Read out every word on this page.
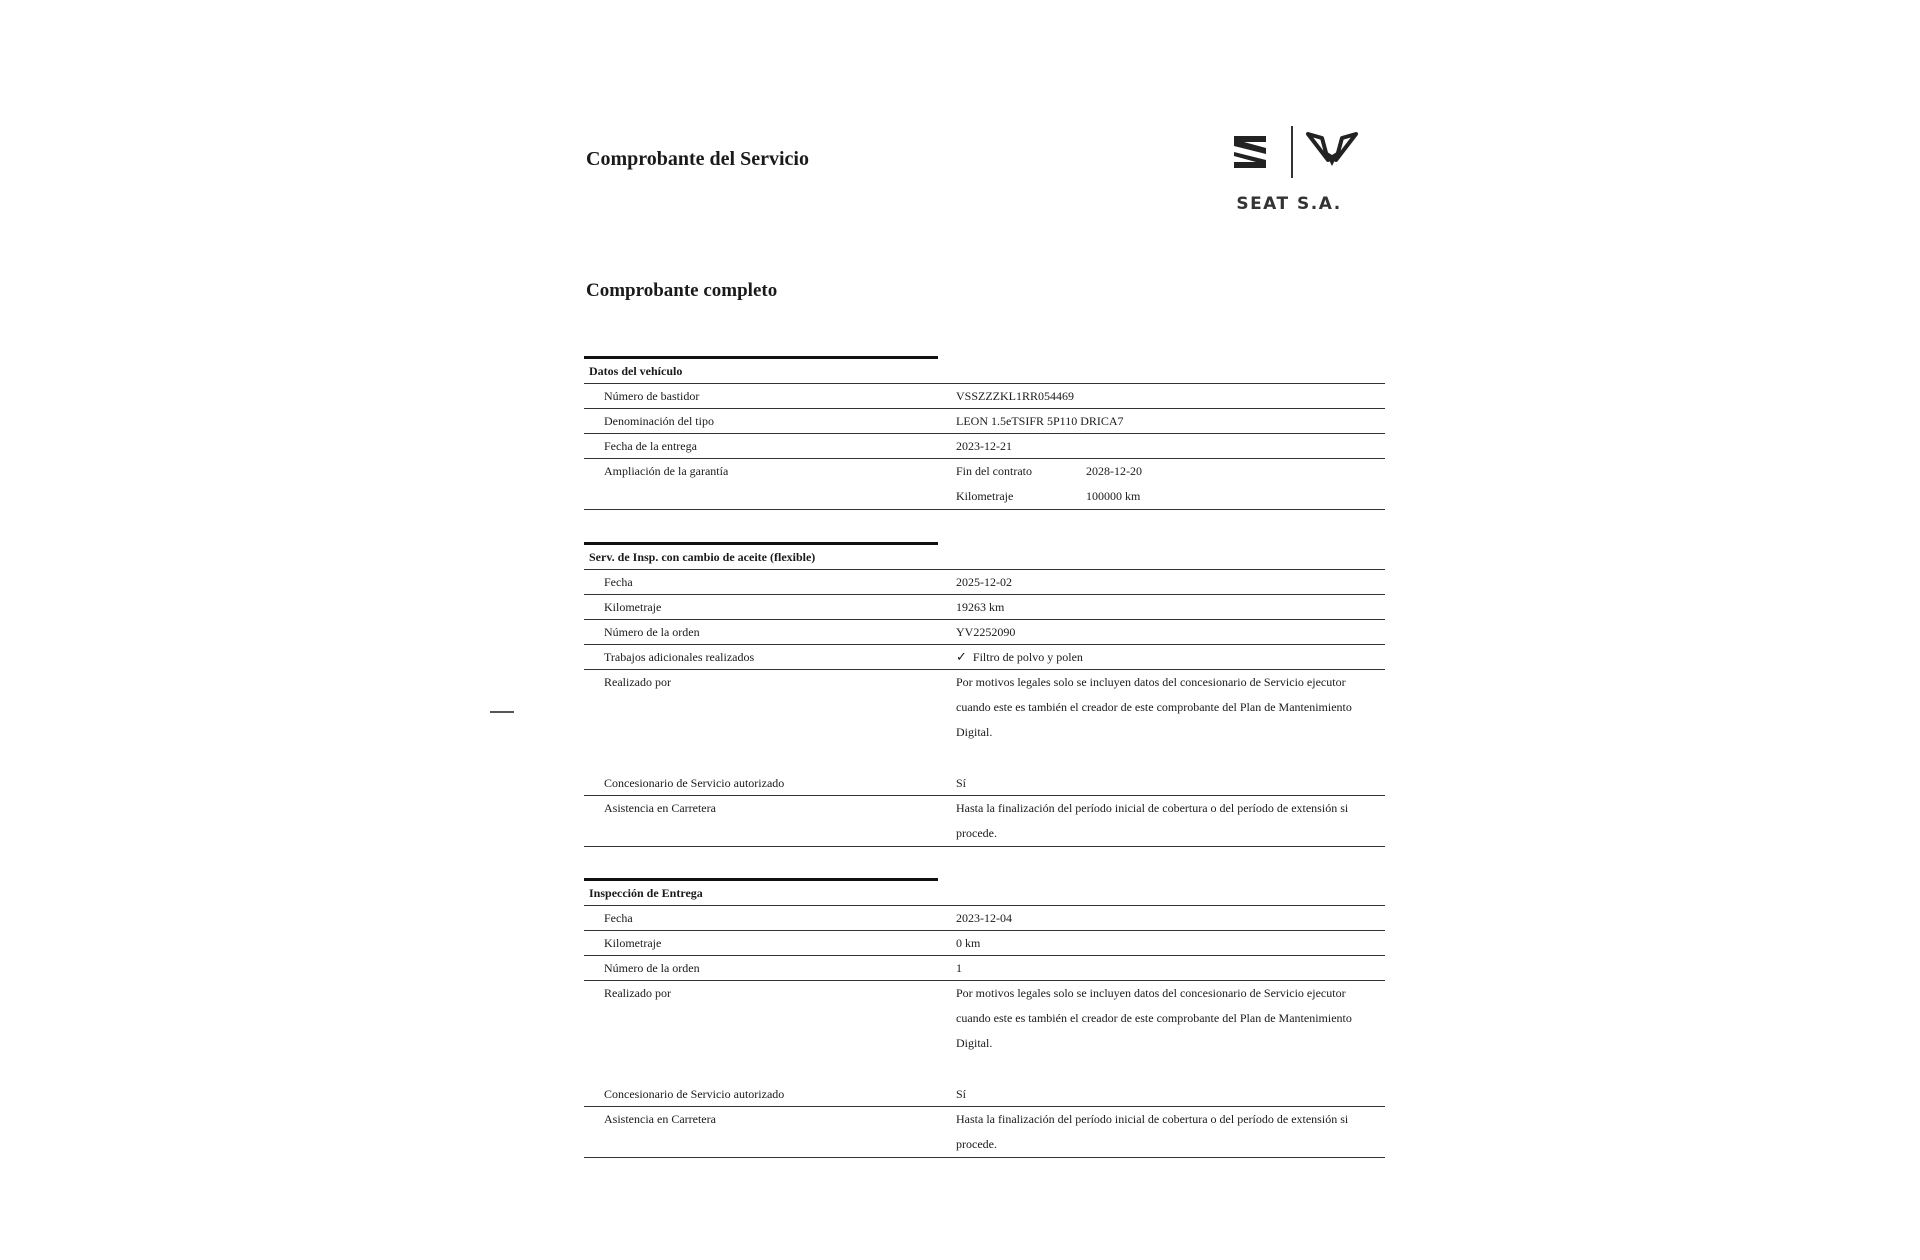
Comprobante del Servicio
SEAT S.A.
Comprobante completo
Datos del vehículo
Número de bastidor	VSSZZZKL1RR054469
Denominación del tipo	LEON 1.5eTSIFR 5P110 DRICA7
Fecha de la entrega	2023-12-21
Ampliación de la garantía	Fin del contrato	2028-12-20
Kilometraje	100000 km
Serv. de Insp. con cambio de aceite (flexible)
Fecha	2025-12-02
Kilometraje	19263 km
Número de la orden	YV2252090
Trabajos adicionales realizados	✓ Filtro de polvo y polen
Realizado por	Por motivos legales solo se incluyen datos del concesionario de Servicio ejecutor cuando este es también el creador de este comprobante del Plan de Mantenimiento Digital.
Concesionario de Servicio autorizado	Sí
Asistencia en Carretera	Hasta la finalización del período inicial de cobertura o del período de extensión si procede.
Inspección de Entrega
Fecha	2023-12-04
Kilometraje	0 km
Número de la orden	1
Realizado por	Por motivos legales solo se incluyen datos del concesionario de Servicio ejecutor cuando este es también el creador de este comprobante del Plan de Mantenimiento Digital.
Concesionario de Servicio autorizado	Sí
Asistencia en Carretera	Hasta la finalización del período inicial de cobertura o del período de extensión si procede.
